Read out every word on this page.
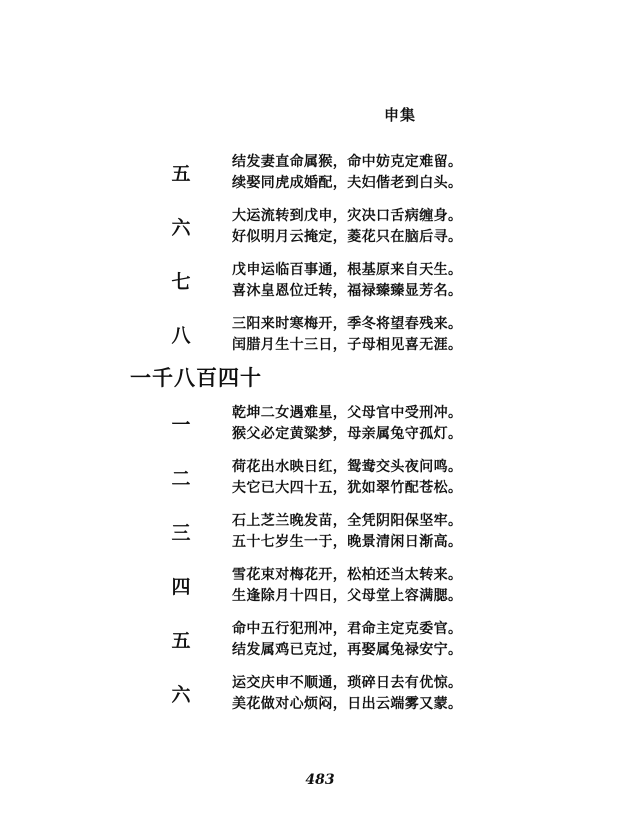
申集
五
结发妻直命属猴，命中妨克定难留。
续娶同虎成婚配，夫妇偕老到白头。
六
大运流转到戊申，灾决口舌病缠身。
好似明月云掩定，菱花只在脑后寻。
七
戊申运临百事通，根基原来自天生。
喜沐皇恩位迁转，福禄臻臻显芳名。
八
三阳来时寒梅开，季冬将望春残来。
闰腊月生十三日，子母相见喜无涯。
一千八百四十
一
乾坤二女遇难星，父母官中受刑冲。
猴父必定黄粱梦，母亲属兔守孤灯。
二
荷花出水映日红，鸳鸯交头夜问鸣。
夫它已大四十五，犹如翠竹配苍松。
三
石上芝兰晚发苗，全凭阴阳保坚牢。
五十七岁生一于，晚景清闲日渐高。
四
雪花束对梅花开，松柏还当太转来。
生逢除月十四日，父母堂上容满腮。
五
命中五行犯刑冲，君命主定克委官。
结发属鸡已克过，再娶属兔禄安宁。
六
运交庆申不顺通，琐碎日去有优惊。
美花做对心烦闷，日出云端雾又蒙。
483
